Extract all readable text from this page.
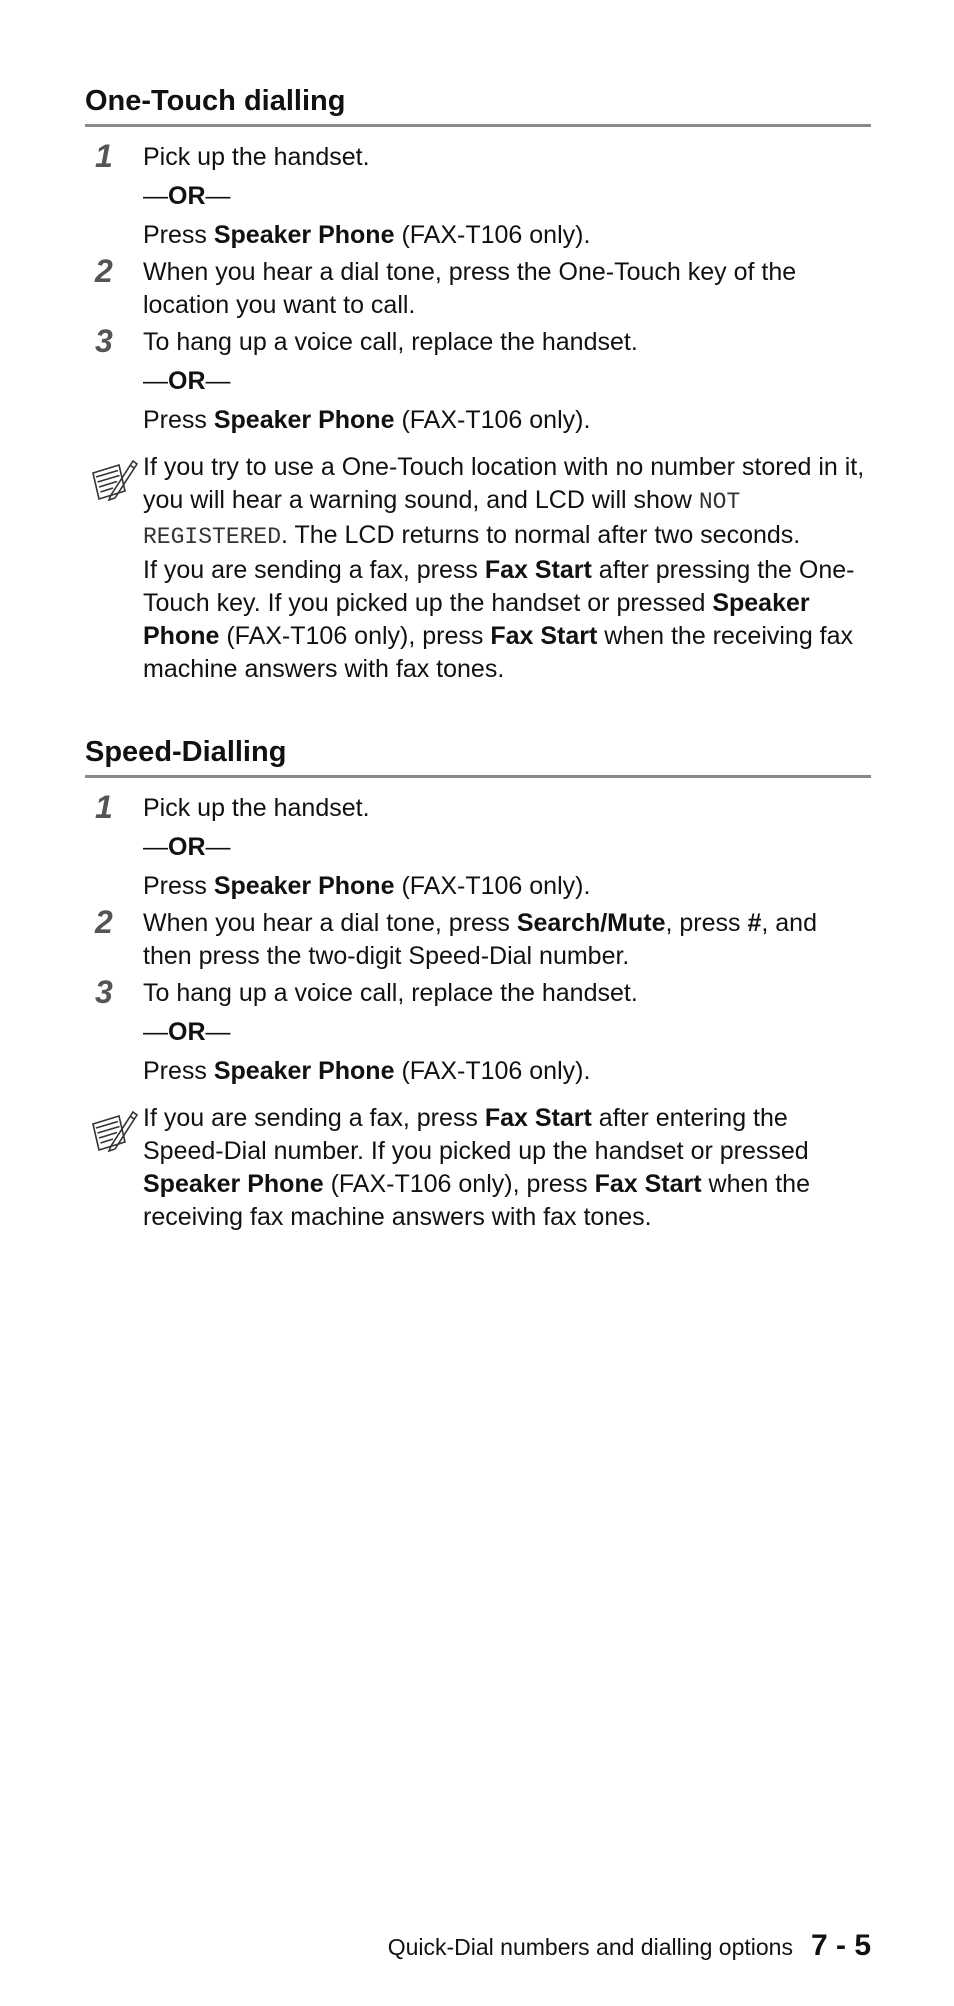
One-Touch dialling
1 Pick up the handset.
—OR—
Press Speaker Phone (FAX-T106 only).
2 When you hear a dial tone, press the One-Touch key of the location you want to call.
3 To hang up a voice call, replace the handset.
—OR—
Press Speaker Phone (FAX-T106 only).
If you try to use a One-Touch location with no number stored in it, you will hear a warning sound, and LCD will show NOT REGISTERED. The LCD returns to normal after two seconds.
If you are sending a fax, press Fax Start after pressing the One-Touch key. If you picked up the handset or pressed Speaker Phone (FAX-T106 only), press Fax Start when the receiving fax machine answers with fax tones.
Speed-Dialling
1 Pick up the handset.
—OR—
Press Speaker Phone (FAX-T106 only).
2 When you hear a dial tone, press Search/Mute, press #, and then press the two-digit Speed-Dial number.
3 To hang up a voice call, replace the handset.
—OR—
Press Speaker Phone (FAX-T106 only).
If you are sending a fax, press Fax Start after entering the Speed-Dial number. If you picked up the handset or pressed Speaker Phone (FAX-T106 only), press Fax Start when the receiving fax machine answers with fax tones.
Quick-Dial numbers and dialling options 7 - 5
